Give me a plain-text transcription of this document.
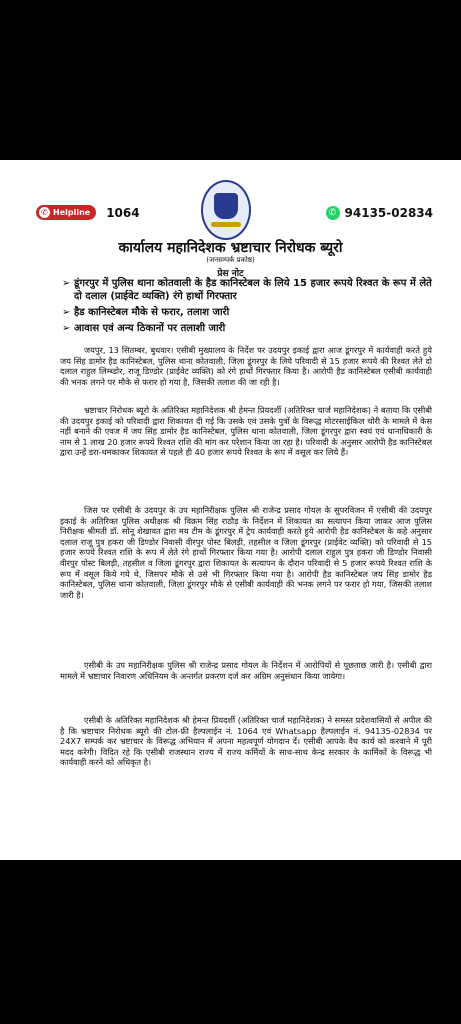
✆ Helpline 1064	✆ 94135-02834
कार्यालय महानिदेशक भ्रष्टाचार निरोधक ब्यूरो
(जनसम्पर्क प्रकोष्ठ)
प्रेस नोट
➢ डूंगरपुर में पुलिस थाना कोतवाली के हैड कानिस्टेबल के लिये 15 हजार रूपये रिश्वत के रूप में लेते दो दलाल (प्राईवेट व्यक्ति) रंगे हाथों गिरफ्तार
➢ हैड कानिस्टेबल मौके से फरार, तलाश जारी
➢ आवास एवं अन्य ठिकानों पर तलाशी जारी

जयपुर, 13 सितम्बर, बुधवार। एसीबी मुख्यालय के निर्देश पर उदयपुर इकाई द्वारा आज डूंगरपुर में कार्यवाही करते हुये जय सिंह डामोर हैड कानिस्टेबल, पुलिस थाना कोतवाली, जिला डूंगरपुर के लिये परिवादी से 15 हजार रूपये की रिश्वत लेते दो दलाल राहुल लिम्ब्डोर, राजू डिण्डोर (प्राईवेट व्यक्ति) को रंगे हाथों गिरफ्तार किया है। आरोपी हैड कानिस्टेबल एसीबी कार्यवाही की भनक लगने पर मौके से फरार हो गया है, जिसकी तलाश की जा रही है।

भ्रष्टाचार निरोधक ब्यूरो के अतिरिक्त महानिदेशक श्री हेमन्त प्रियदर्शी (अतिरिक्त चार्ज महानिदेशक) ने बताया कि एसीबी की उदयपुर इकाई को परिवादी द्वारा शिकायत दी गई कि उसके एवं उसके पुत्रों के विरूद्ध मोटरसाईकिल चोरी के मामले में केस नहीं बनाने की एवज में जय सिंह डामोर हैड कानिस्टेबल, पुलिस थाना कोतवाली, जिला डूंगरपुर द्वारा स्वयं एवं थानाधिकारी के नाम से 1 लाख 20 हजार रूपये रिश्वत राशि की मांग कर परेशान किया जा रहा है। परिवादी के अनुसार आरोपी हैड कानिस्टेबल द्वारा उन्हें डरा-धमकाकर शिकायत से पहले ही 40 हजार रूपये रिश्वत के रूप में वसूल कर लिये हैं।

जिस पर एसीबी के उदयपुर के उप महानिरीक्षक पुलिस श्री राजेन्द्र प्रसाद गोयल के सुपरविजन में एसीबी की उदयपुर इकाई के अतिरिक्त पुलिस अधीक्षक श्री विक्रम सिंह राठौड़ के निर्देशन में शिकायत का सत्यापन किया जाकर आज पुलिस निरीक्षक श्रीमती डॉ. सोनू शेखावत द्वारा मय टीम के डूंगरपुर में ट्रेप कार्यवाही करते हुये आरोपी हैड कानिस्टेबल के कहे अनुसार दलाल राजू पुत्र हकरा जी डिण्डोर निवासी वीरपुर पोस्ट बिलड़ी, तहसील व जिला डूंगरपुर (प्राईवेट व्यक्ति) को परिवादी से 15 हजार रूपये रिश्वत राशि के रूप में लेते रंगे हाथों गिरफ्तार किया गया है। आरोपी दलाल राहुल पुत्र हकरा जी डिण्डोर निवासी वीरपुर पोस्ट बिलड़ी, तहसील व जिला डूंगरपुर द्वारा शिकायत के सत्यापन के दौरान परिवादी से 5 हजार रूपये रिश्वत राशि के रूप में वसूल किये गये थे, जिसपर मौके से उसे भी गिरफ्तार किया गया है। आरोपी हैड कानिस्टेबल जय सिंह डामोर हैड कानिस्टेबल, पुलिस थाना कोतवाली, जिला डूंगरपुर मौके से एसीबी कार्यवाही की भनक लगने पर फरार हो गया, जिसकी तलाश जारी है।

एसीबी के उप महानिरीक्षक पुलिस श्री राजेन्द्र प्रसाद गोयल के निर्देशन में आरोपियों से पूछताछ जारी है। एसीबी द्वारा मामले में भ्रष्टाचार निवारण अधिनियम के अन्तर्गत प्रकरण दर्ज कर अग्रिम अनुसंधान किया जायेगा।

एसीबी के अतिरिक्त महानिदेशक श्री हेमन्त प्रियदर्शी (अतिरिक्त चार्ज महानिदेशक) ने समस्त प्रदेशवासियों से अपील की है कि भ्रष्टाचार निरोधक ब्यूरो की टोल-फ्री हैल्पलाईन नं. 1064 एवं Whatsapp हैल्पलाईन नं. 94135-02834 पर 24X7 सम्पर्क कर भ्रष्टाचार के विरूद्ध अभियान में अपना महत्वपूर्ण योगदान दें। एसीबी आपके वैध कार्य को करवाने में पूरी मदद करेगी। विदित रहे कि एसीबी राजस्थान राज्य में राज्य कर्मियों के साथ-साथ केन्द्र सरकार के कार्मिकों के विरूद्ध भी कार्यवाही करने को अधिकृत है।
